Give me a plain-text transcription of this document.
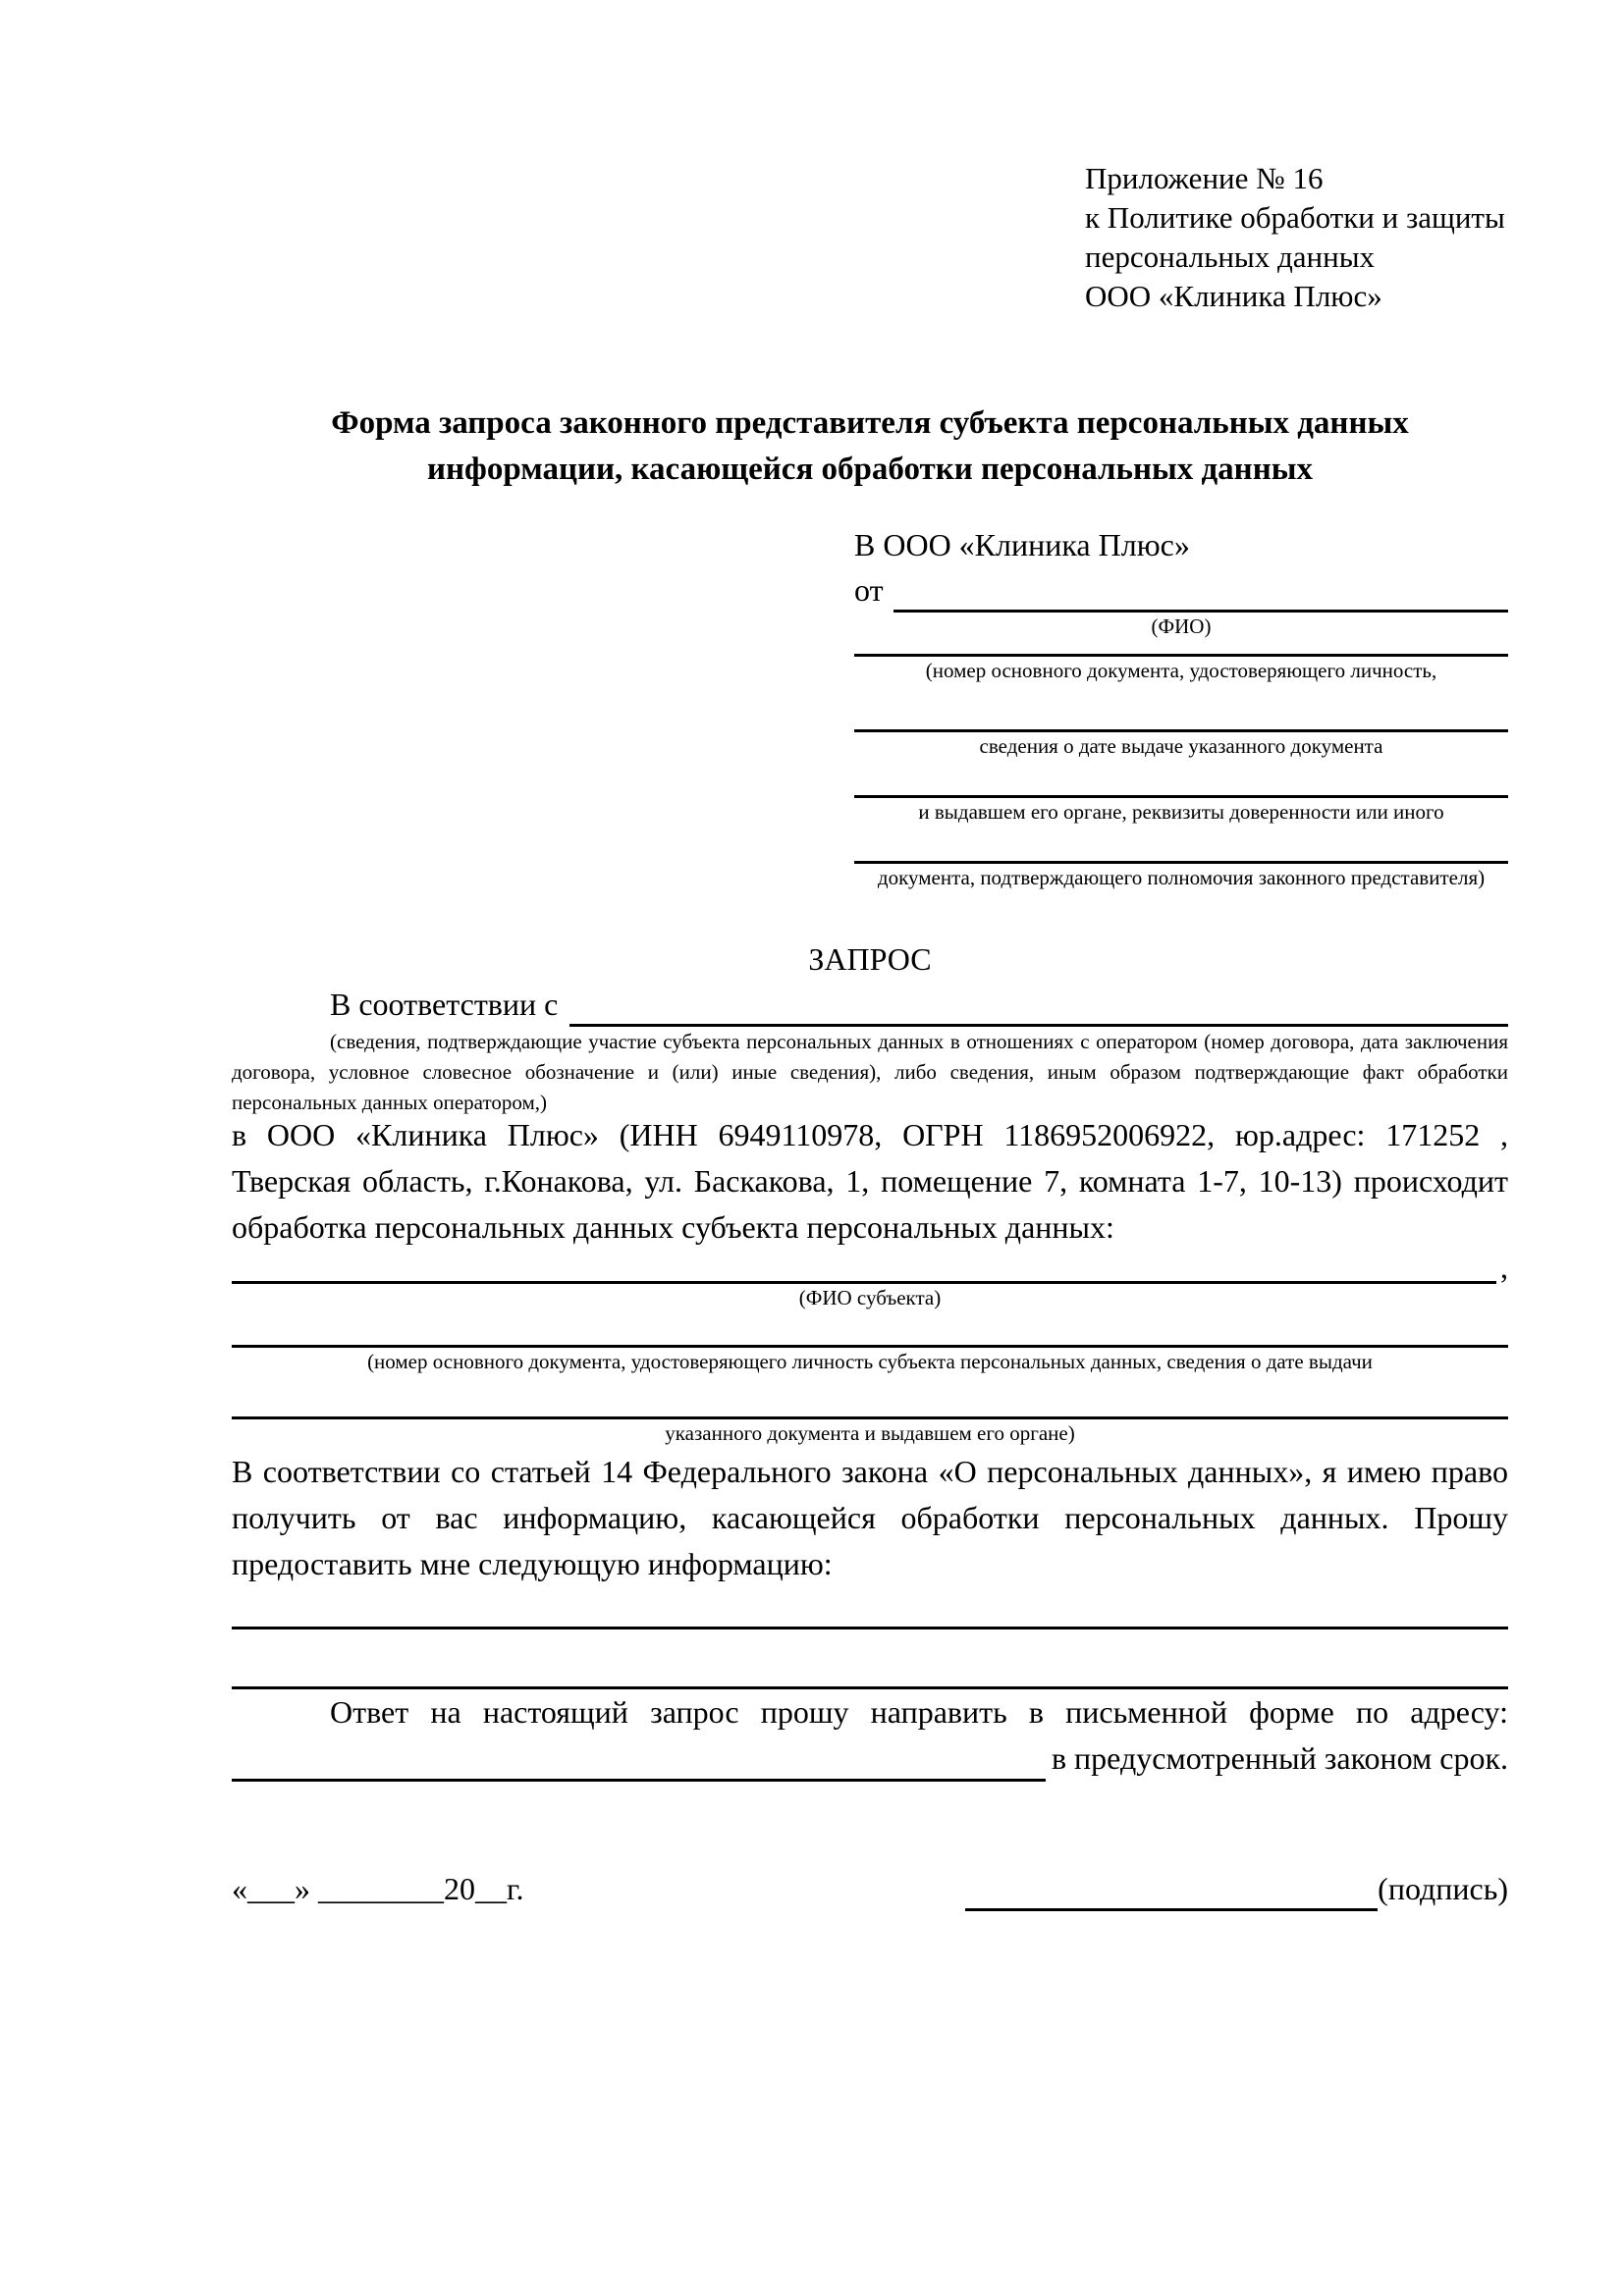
Приложение № 16
к Политике обработки и защиты
персональных данных
ООО «Клиника Плюс»
Форма запроса законного представителя субъекта персональных данных
информации, касающейся обработки персональных данных
В ООО «Клиника Плюс»
от
(ФИО)
(номер основного документа, удостоверяющего личность,
сведения о дате выдаче указанного документа
и выдавшем его органе, реквизиты доверенности или иного
документа, подтверждающего полномочия законного представителя)
ЗАПРОС
В соответствии с
(сведения, подтверждающие участие субъекта персональных данных в отношениях с оператором (номер договора, дата заключения договора, условное словесное обозначение и (или) иные сведения), либо сведения, иным образом подтверждающие факт обработки персональных данных оператором,)

в ООО «Клиника Плюс» (ИНН 6949110978, ОГРН 1186952006922, юр.адрес: 171252 , Тверская область, г.Конакова, ул. Баскакова, 1, помещение 7, комната 1-7, 10-13) происходит обработка персональных данных субъекта персональных данных:

,
(ФИО субъекта)
(номер основного документа, удостоверяющего личность субъекта персональных данных, сведения о дате выдачи
указанного документа и выдавшем его органе)

В соответствии со статьей 14 Федерального закона «О персональных данных», я имею право получить от вас информацию, касающейся обработки персональных данных. Прошу предоставить мне следующую информацию:

Ответ на настоящий запрос прошу направить в письменной форме по адресу:

в предусмотренный законом срок.
«___» ________20__г.	(подпись)
